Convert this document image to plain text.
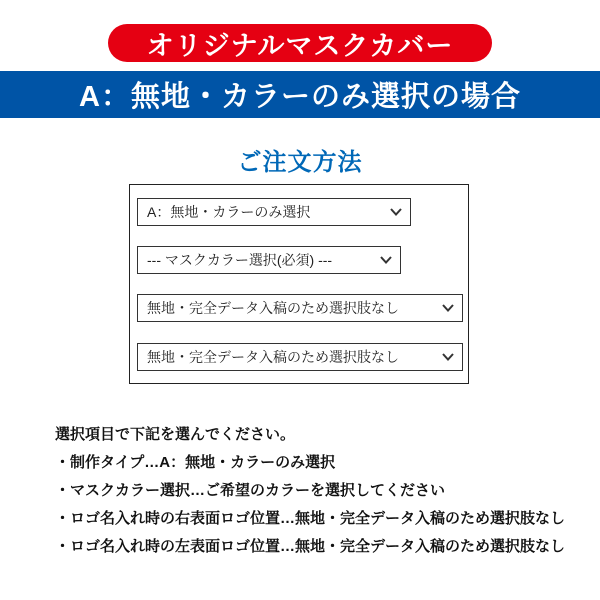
オリジナルマスクカバー
A：無地・カラーのみ選択の場合
ご注文方法
A：無地・カラーのみ選択
--- マスクカラー選択(必須) ---
無地・完全データ入稿のため選択肢なし
無地・完全データ入稿のため選択肢なし
選択項目で下記を選んでください。
・制作タイプ…A：無地・カラーのみ選択
・マスクカラー選択…ご希望のカラーを選択してください
・ロゴ名入れ時の右表面ロゴ位置…無地・完全データ入稿のため選択肢なし
・ロゴ名入れ時の左表面ロゴ位置…無地・完全データ入稿のため選択肢なし
